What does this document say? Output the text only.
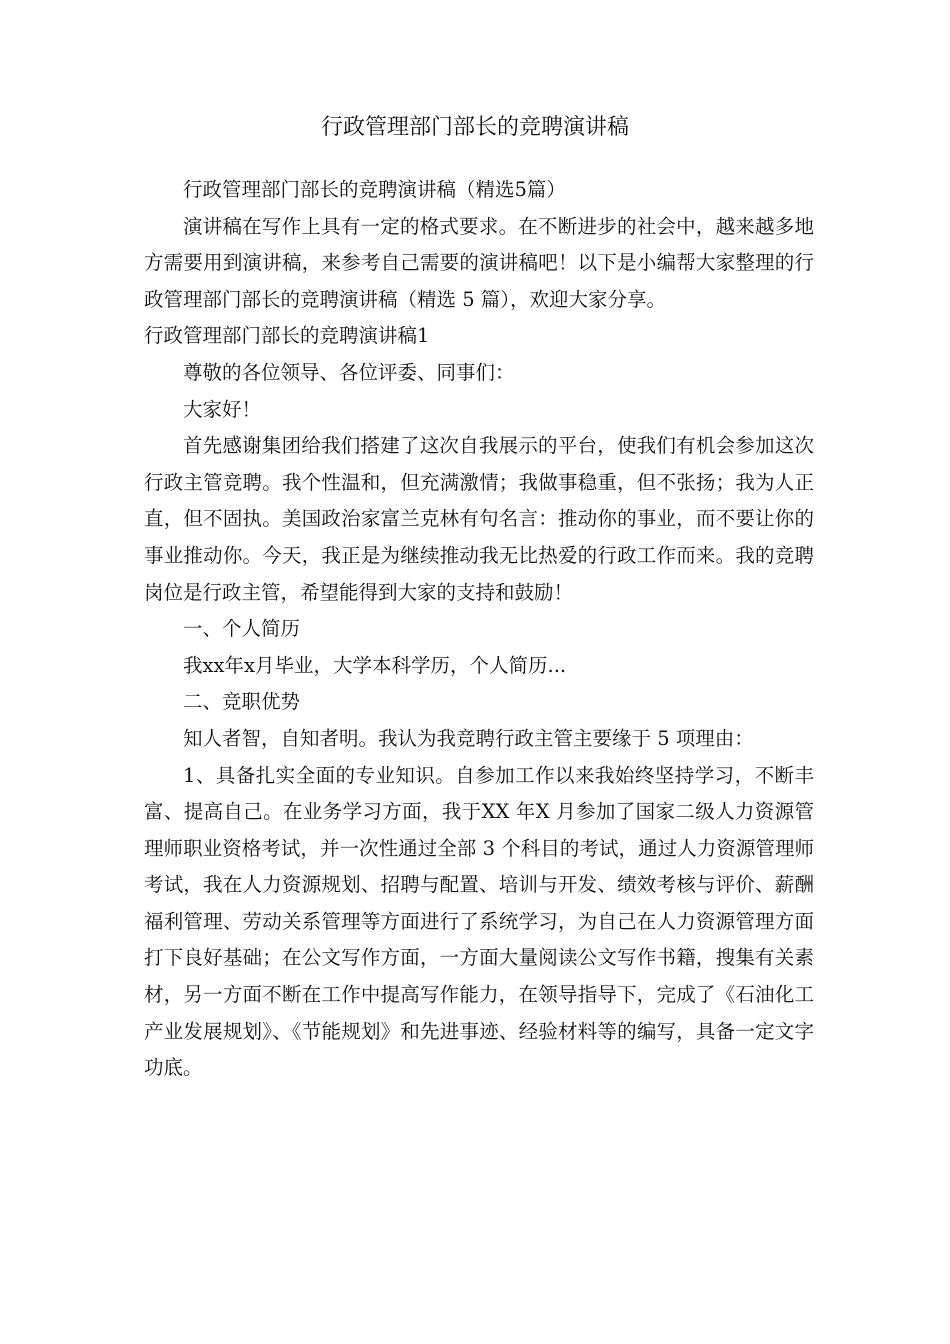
行政管理部门部长的竞聘演讲稿

行政管理部门部长的竞聘演讲稿（精选5篇）

演讲稿在写作上具有一定的格式要求。在不断进步的社会中，越来越多地方需要用到演讲稿，来参考自己需要的演讲稿吧！以下是小编帮大家整理的行政管理部门部长的竞聘演讲稿（精选 5 篇），欢迎大家分享。

行政管理部门部长的竞聘演讲稿1

尊敬的各位领导、各位评委、同事们：

大家好！

首先感谢集团给我们搭建了这次自我展示的平台，使我们有机会参加这次行政主管竞聘。我个性温和，但充满激情；我做事稳重，但不张扬；我为人正直，但不固执。美国政治家富兰克林有句名言：推动你的事业，而不要让你的事业推动你。今天，我正是为继续推动我无比热爱的行政工作而来。我的竞聘岗位是行政主管，希望能得到大家的支持和鼓励！

一、个人简历

我xx年x月毕业，大学本科学历，个人简历...

二、竞职优势

知人者智，自知者明。我认为我竞聘行政主管主要缘于 5 项理由：

1、具备扎实全面的专业知识。自参加工作以来我始终坚持学习，不断丰富、提高自己。在业务学习方面，我于XX 年X 月参加了国家二级人力资源管理师职业资格考试，并一次性通过全部 3 个科目的考试，通过人力资源管理师考试，我在人力资源规划、招聘与配置、培训与开发、绩效考核与评价、薪酬福利管理、劳动关系管理等方面进行了系统学习，为自己在人力资源管理方面打下良好基础；在公文写作方面，一方面大量阅读公文写作书籍，搜集有关素材，另一方面不断在工作中提高写作能力，在领导指导下，完成了《石油化工产业发展规划》、《节能规划》和先进事迹、经验材料等的编写，具备一定文字功底。
